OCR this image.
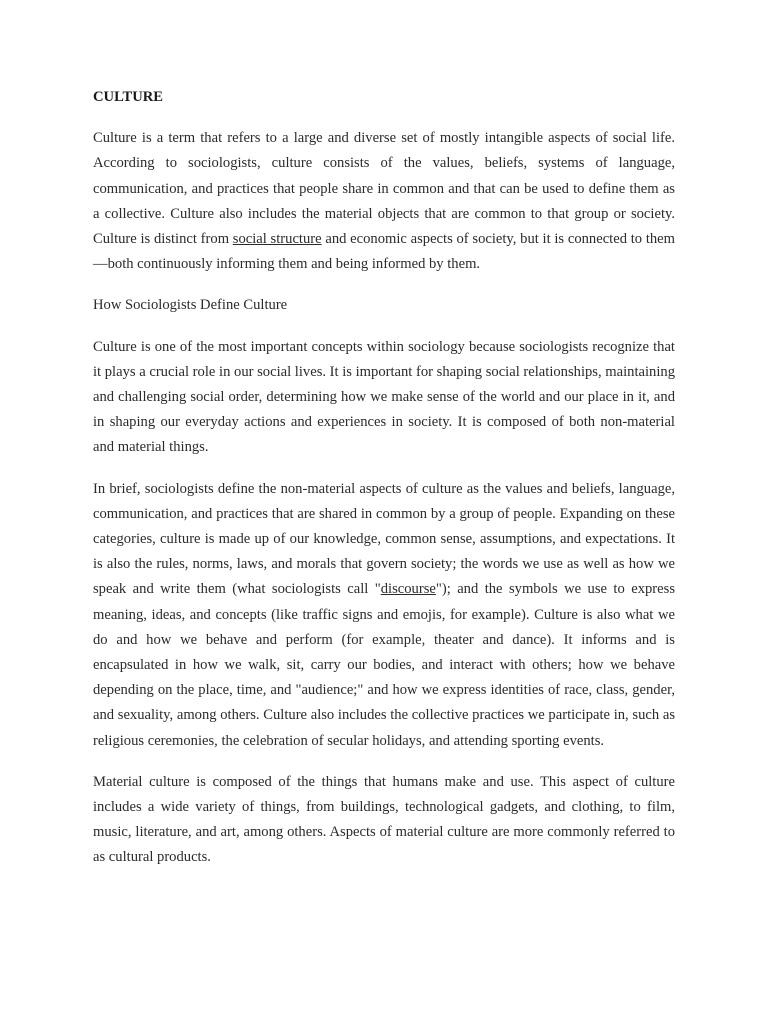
CULTURE

Culture is a term that refers to a large and diverse set of mostly intangible aspects of social life. According to sociologists, culture consists of the values, beliefs, systems of language, communication, and practices that people share in common and that can be used to define them as a collective. Culture also includes the material objects that are common to that group or society. Culture is distinct from social structure and economic aspects of society, but it is connected to them—both continuously informing them and being informed by them.

How Sociologists Define Culture

Culture is one of the most important concepts within sociology because sociologists recognize that it plays a crucial role in our social lives. It is important for shaping social relationships, maintaining and challenging social order, determining how we make sense of the world and our place in it, and in shaping our everyday actions and experiences in society. It is composed of both non-material and material things.

In brief, sociologists define the non-material aspects of culture as the values and beliefs, language, communication, and practices that are shared in common by a group of people. Expanding on these categories, culture is made up of our knowledge, common sense, assumptions, and expectations. It is also the rules, norms, laws, and morals that govern society; the words we use as well as how we speak and write them (what sociologists call "discourse"); and the symbols we use to express meaning, ideas, and concepts (like traffic signs and emojis, for example). Culture is also what we do and how we behave and perform (for example, theater and dance). It informs and is encapsulated in how we walk, sit, carry our bodies, and interact with others; how we behave depending on the place, time, and "audience;" and how we express identities of race, class, gender, and sexuality, among others. Culture also includes the collective practices we participate in, such as religious ceremonies, the celebration of secular holidays, and attending sporting events.

Material culture is composed of the things that humans make and use. This aspect of culture includes a wide variety of things, from buildings, technological gadgets, and clothing, to film, music, literature, and art, among others. Aspects of material culture are more commonly referred to as cultural products.
